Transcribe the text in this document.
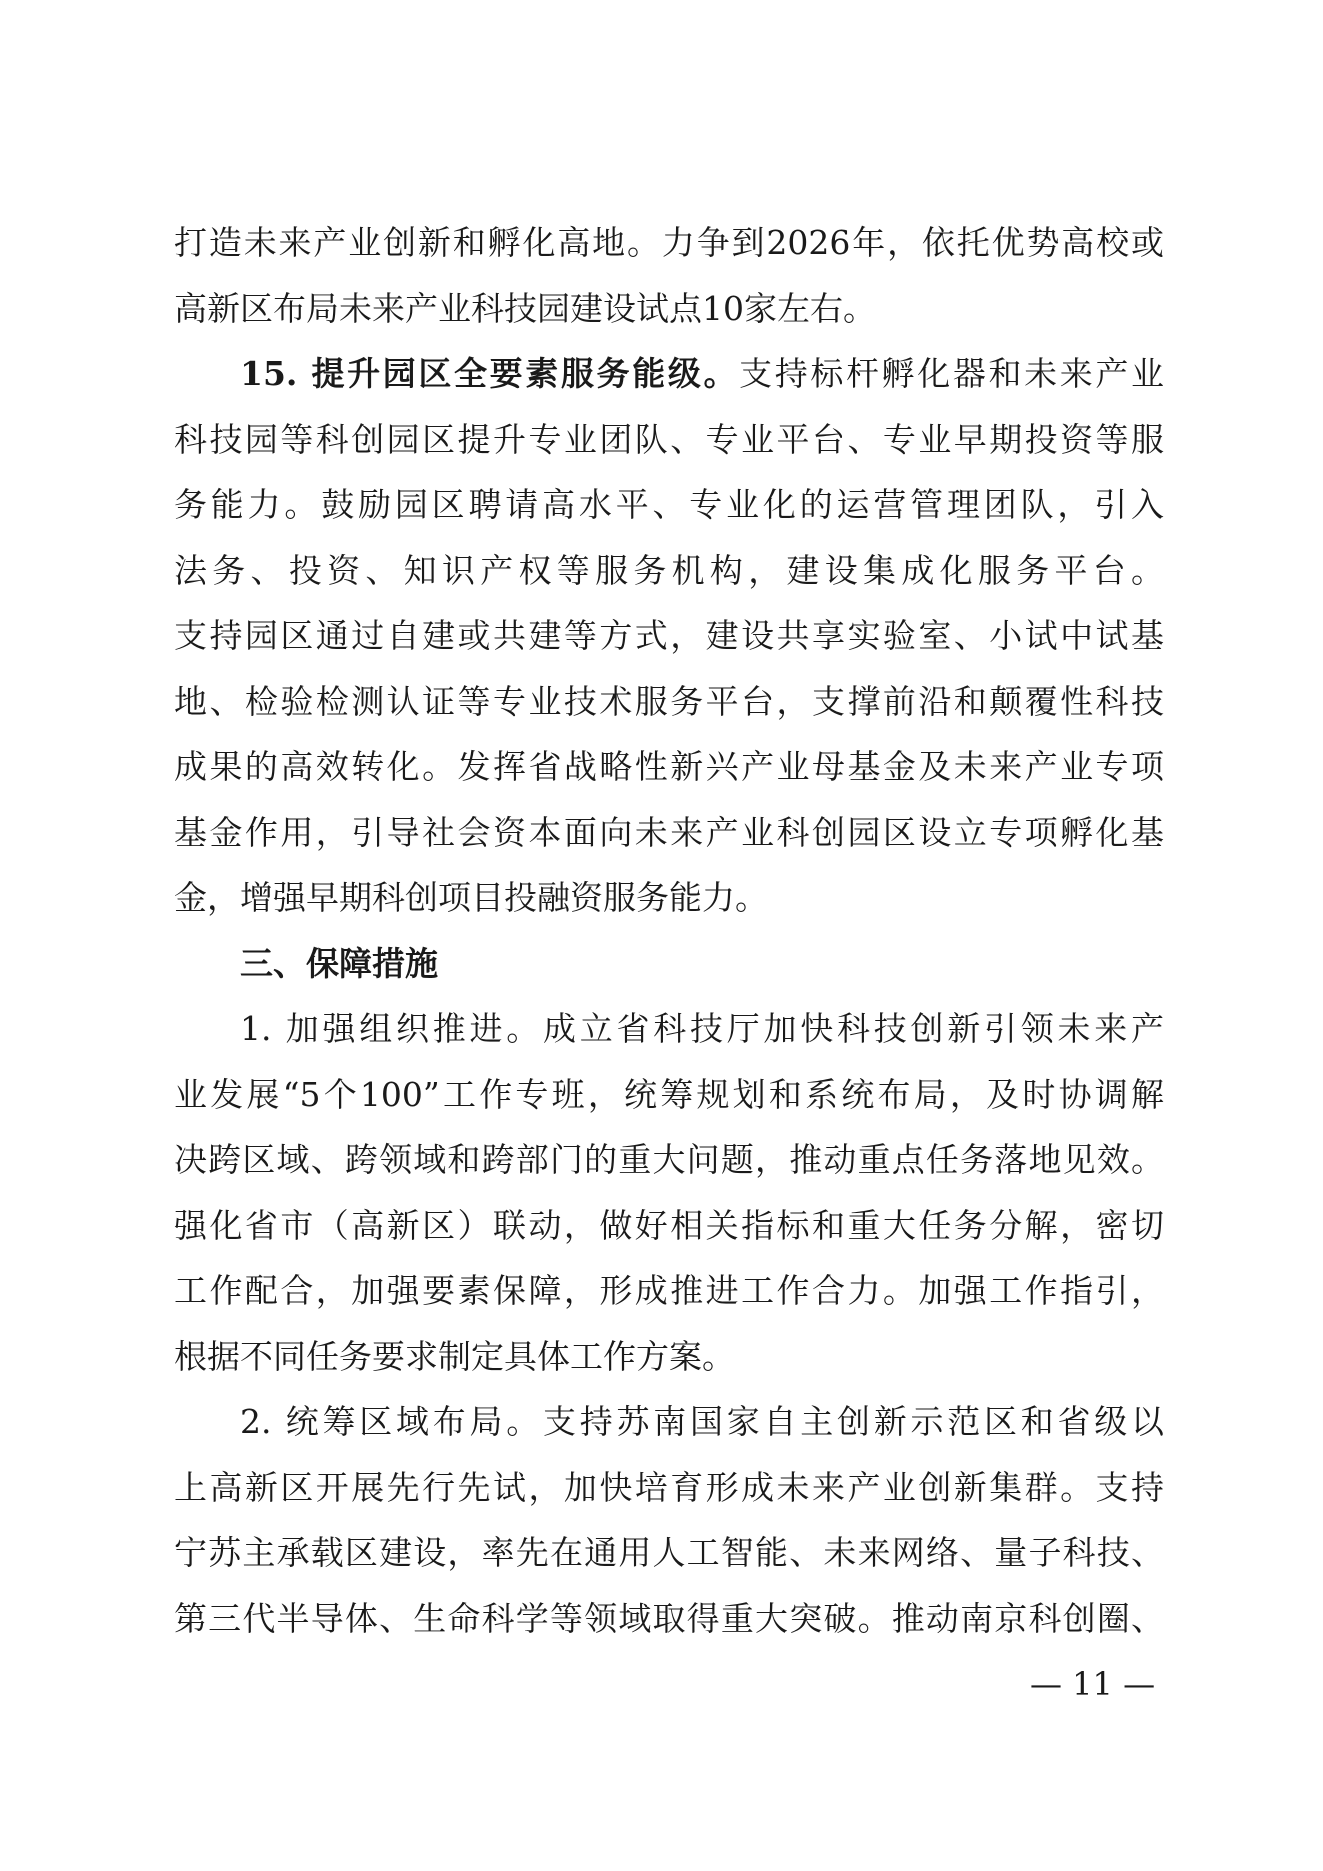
打造未来产业创新和孵化高地。力争到2026年，依托优势高校或
高新区布局未来产业科技园建设试点10家左右。
15. 提升园区全要素服务能级。支持标杆孵化器和未来产业
科技园等科创园区提升专业团队、专业平台、专业早期投资等服
务能力。鼓励园区聘请高水平、专业化的运营管理团队，引入
法务、投资、知识产权等服务机构，建设集成化服务平台。
支持园区通过自建或共建等方式，建设共享实验室、小试中试基
地、检验检测认证等专业技术服务平台，支撑前沿和颠覆性科技
成果的高效转化。发挥省战略性新兴产业母基金及未来产业专项
基金作用，引导社会资本面向未来产业科创园区设立专项孵化基
金，增强早期科创项目投融资服务能力。
三、保障措施
1. 加强组织推进。成立省科技厅加快科技创新引领未来产
业发展“5个100”工作专班，统筹规划和系统布局，及时协调解
决跨区域、跨领域和跨部门的重大问题，推动重点任务落地见效。
强化省市（高新区）联动，做好相关指标和重大任务分解，密切
工作配合，加强要素保障，形成推进工作合力。加强工作指引，
根据不同任务要求制定具体工作方案。
2. 统筹区域布局。支持苏南国家自主创新示范区和省级以
上高新区开展先行先试，加快培育形成未来产业创新集群。支持
宁苏主承载区建设，率先在通用人工智能、未来网络、量子科技、
第三代半导体、生命科学等领域取得重大突破。推动南京科创圈、
— 11 —
